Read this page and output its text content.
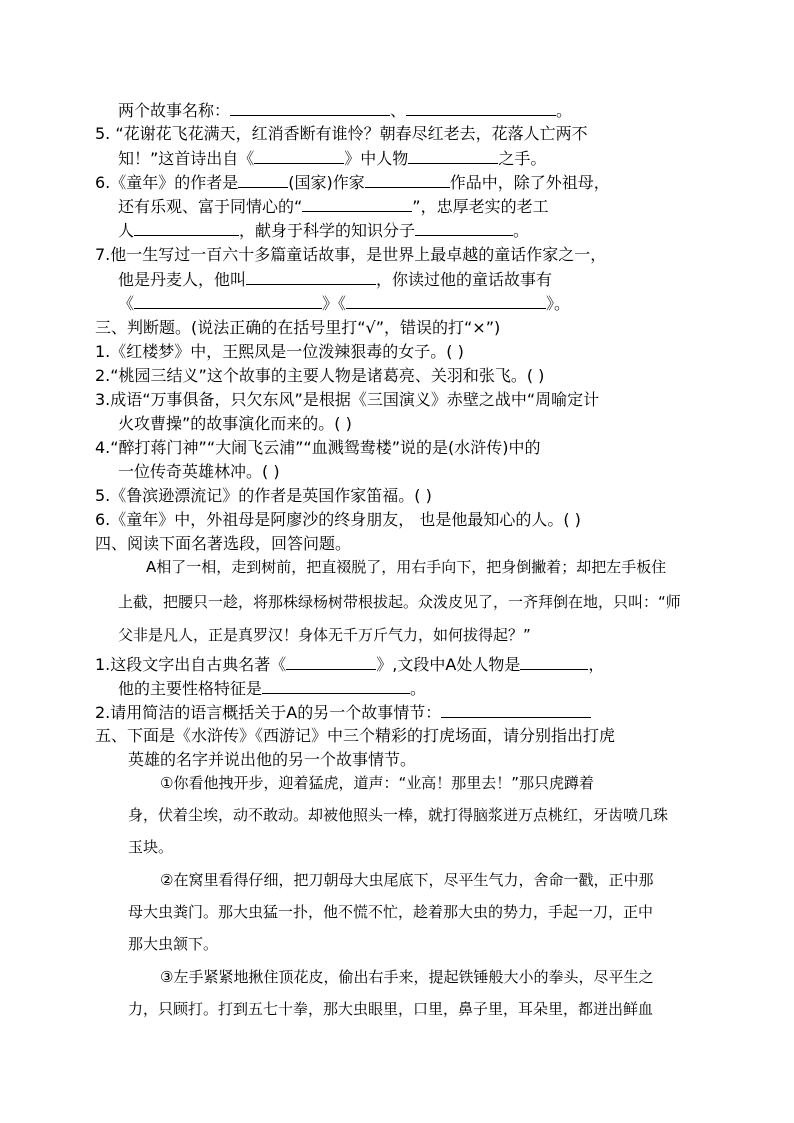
两个故事名称：	、	。
5. “花谢花飞花满天，红消香断有谁怜？朝春尽红老去，花落人亡两不
知！”这首诗出自《	》中人物	之手。
6.《童年》的作者是	(国家)作家	作品中，除了外祖母，
还有乐观、富于同情心的“	”，忠厚老实的老工
人	，献身于科学的知识分子	。
7.他一生写过一百六十多篇童话故事，是世界上最卓越的童话作家之一，
他是丹麦人，他叫	，你读过他的童话故事有
《	》《	》。
三、判断题。(说法正确的在括号里打“√”，错误的打“×”)
1.《红楼梦》中，王熙凤是一位泼辣狠毒的女子。( )
2.“桃园三结义”这个故事的主要人物是诸葛亮、关羽和张飞。( )
3.成语“万事俱备，只欠东风”是根据《三国演义》赤壁之战中“周喻定计
火攻曹操”的故事演化而来的。( )
4.“醉打蒋门神”“大闹飞云浦”“血溅鸳鸯楼”说的是(水浒传)中的
一位传奇英雄林冲。( )
5.《鲁滨逊漂流记》的作者是英国作家笛福。( )
6.《童年》中，外祖母是阿廖沙的终身朋友， 也是他最知心的人。( )
四、阅读下面名著选段，回答问题。
A相了一相，走到树前，把直裰脱了，用右手向下，把身倒撇着；却把左手板住
上截，把腰只一趁，将那株绿杨树带根拔起。众泼皮见了，一齐拜倒在地，只叫：“师
父非是凡人，正是真罗汉！身体无千万斤气力，如何拔得起？”
1.这段文字出自古典名著《	》,文段中A处人物是	，
他的主要性格特征是	。
2.请用简洁的语言概括关于A的另一个故事情节：
五、下面是《水浒传》《西游记》中三个精彩的打虎场面，请分别指出打虎
英雄的名字并说出他的另一个故事情节。
①你看他拽开步，迎着猛虎，道声：“业高！那里去！”那只虎蹲着
身，伏着尘埃，动不敢动。却被他照头一棒，就打得脑浆迸万点桃红，牙齿喷几珠
玉块。
②在窝里看得仔细，把刀朝母大虫尾底下，尽平生气力，舍命一戳，正中那
母大虫粪门。那大虫猛一扑，他不慌不忙，趁着那大虫的势力，手起一刀，正中
那大虫颔下。
③左手紧紧地揪住顶花皮，偷出右手来，提起铁锤般大小的拳头，尽平生之
力，只顾打。打到五七十拳，那大虫眼里，口里，鼻子里，耳朵里，都迸出鲜血
